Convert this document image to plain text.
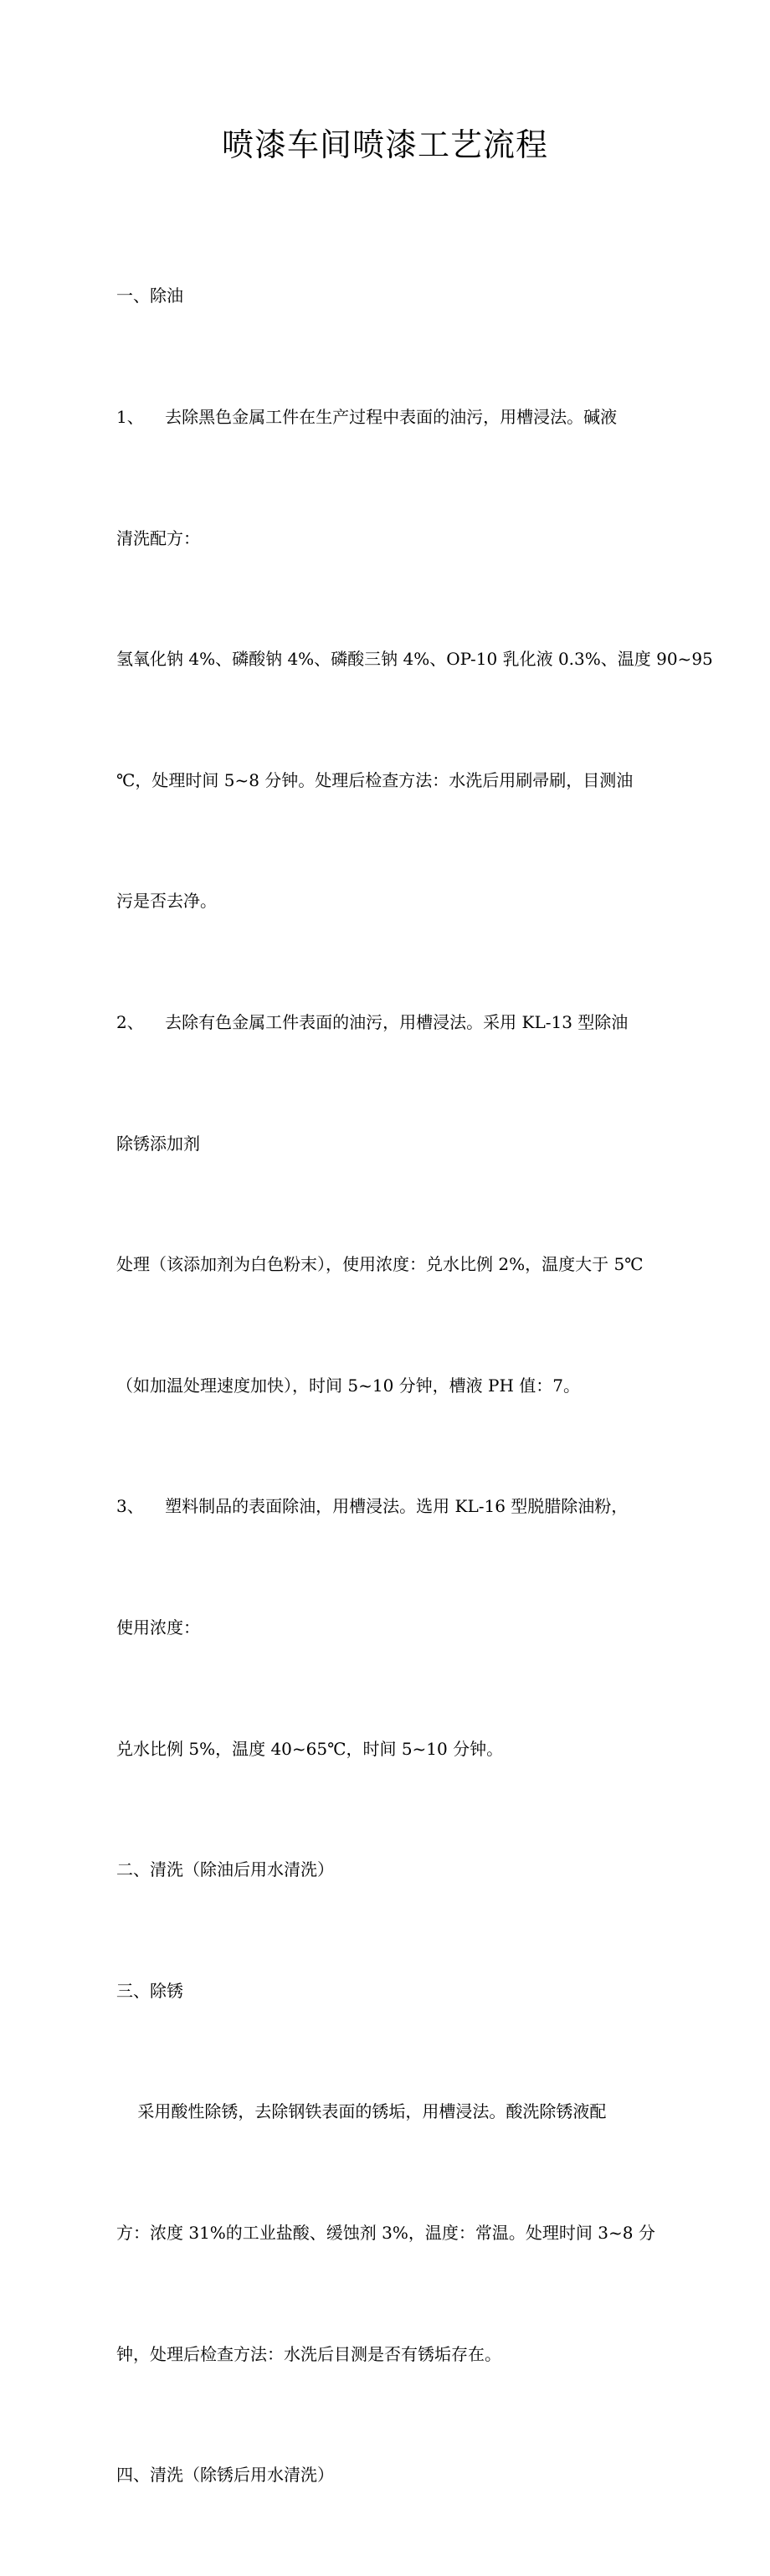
喷漆车间喷漆工艺流程

一、除油

1、    去除黑色金属工件在生产过程中表面的油污，用槽浸法。碱液

清洗配方：

氢氧化钠 4%、磷酸钠 4%、磷酸三钠 4%、OP-10 乳化液 0.3%、温度 90~95

℃，处理时间 5~8 分钟。处理后检查方法：水洗后用刷帚刷，目测油

污是否去净。

2、    去除有色金属工件表面的油污，用槽浸法。采用 KL-13 型除油

除锈添加剂

处理（该添加剂为白色粉末），使用浓度：兑水比例 2%，温度大于 5℃

（如加温处理速度加快），时间 5~10 分钟，槽液 PH 值：7。

3、    塑料制品的表面除油，用槽浸法。选用 KL-16 型脱腊除油粉，

使用浓度：

兑水比例 5%，温度 40~65℃，时间 5~10 分钟。

二、清洗（除油后用水清洗）

三、除锈

采用酸性除锈，去除钢铁表面的锈垢，用槽浸法。酸洗除锈液配

方：浓度 31%的工业盐酸、缓蚀剂 3%，温度：常温。处理时间 3~8 分

钟，处理后检查方法：水洗后目测是否有锈垢存在。

四、清洗（除锈后用水清洗）
